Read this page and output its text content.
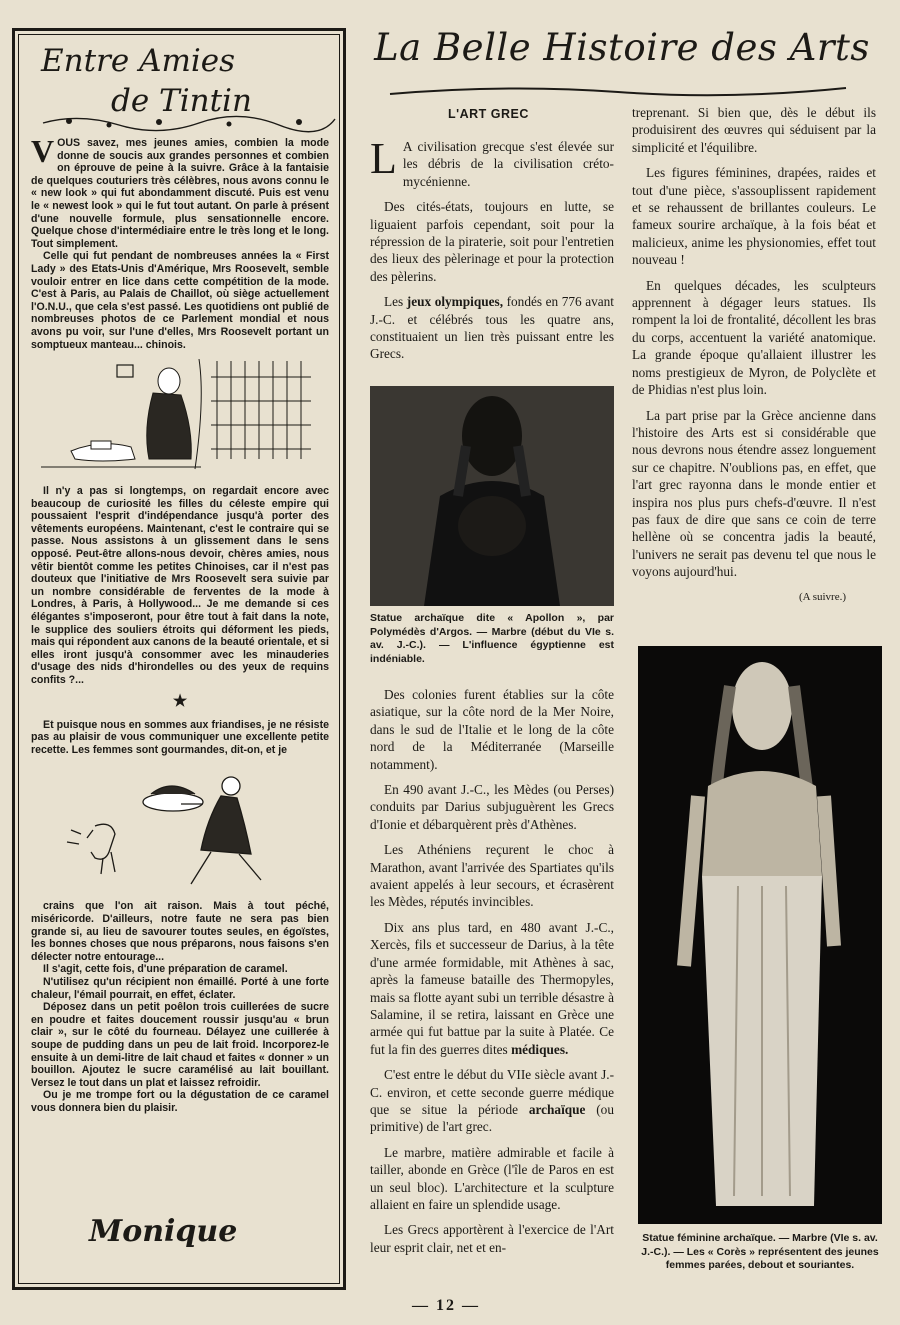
Entre Amies
de Tintin

VOUS savez, mes jeunes amies, combien la mode donne de soucis aux grandes personnes et combien on éprouve de peine à la suivre. Grâce à la fantaisie de quelques couturiers très célèbres, nous avons connu le « new look » qui fut abondamment discuté. Puis est venu le « newest look » qui le fut tout autant. On parle à présent d'une nouvelle formule, plus sensationnelle encore. Quelque chose d'intermédiaire entre le très long et le long. Tout simplement.

Celle qui fut pendant de nombreuses années la « First Lady » des Etats-Unis d'Amérique, Mrs Roosevelt, semble vouloir entrer en lice dans cette compétition de la mode. C'est à Paris, au Palais de Chaillot, où siège actuellement l'O.N.U., que cela s'est passé. Les quotidiens ont publié de nombreuses photos de ce Parlement mondial et nous avons pu voir, sur l'une d'elles, Mrs Roosevelt portant un somptueux manteau... chinois.

Il n'y a pas si longtemps, on regardait encore avec beaucoup de curiosité les filles du céleste empire qui poussaient l'esprit d'indépendance jusqu'à porter des vêtements européens. Maintenant, c'est le contraire qui se passe. Nous assistons à un glissement dans le sens opposé. Peut-être allons-nous devoir, chères amies, nous vêtir bientôt comme les petites Chinoises, car il n'est pas douteux que l'initiative de Mrs Roosevelt sera suivie par un nombre considérable de ferventes de la mode à Londres, à Paris, à Hollywood... Je me demande si ces élégantes s'imposeront, pour être tout à fait dans la note, le supplice des souliers étroits qui déforment les pieds, mais qui répondent aux canons de la beauté orientale, et si elles iront jusqu'à consommer avec les minauderies d'usage des nids d'hirondelles ou des yeux de requins confits ?...

★

Et puisque nous en sommes aux friandises, je ne résiste pas au plaisir de vous communiquer une excellente petite recette. Les femmes sont gourmandes, dit-on, et je

crains que l'on ait raison. Mais à tout péché, miséricorde. D'ailleurs, notre faute ne sera pas bien grande si, au lieu de savourer toutes seules, en égoïstes, les bonnes choses que nous préparons, nous faisons s'en délecter notre entourage...

Il s'agit, cette fois, d'une préparation de caramel.

N'utilisez qu'un récipient non émaillé. Porté à une forte chaleur, l'émail pourrait, en effet, éclater.

Déposez dans un petit poêlon trois cuillerées de sucre en poudre et faites doucement roussir jusqu'au « brun clair », sur le côté du fourneau. Délayez une cuillerée à soupe de pudding dans un peu de lait froid. Incorporez-le ensuite à un demi-litre de lait chaud et faites « donner » un bouillon. Ajoutez le sucre caramélisé au lait bouillant. Versez le tout dans un plat et laissez refroidir.

Ou je me trompe fort ou la dégustation de ce caramel vous donnera bien du plaisir.

Monique
La Belle Histoire des Arts
L'ART GREC

L A civilisation grecque s'est élevée sur les débris de la civilisation créto-mycénienne.

Des cités-états, toujours en lutte, se liguaient parfois cependant, soit pour la répression de la piraterie, soit pour l'entretien des lieux des pèlerinage et pour la protection des pèlerins.

Les jeux olympiques, fondés en 776 avant J.-C. et célébrés tous les quatre ans, constituaient un lien très puissant entre les Grecs.

Statue archaïque dite « Apollon », par Polymédès d'Argos. — Marbre (début du VIe s. av. J.-C.). — L'influence égyptienne est indéniable.

Des colonies furent établies sur la côte asiatique, sur la côte nord de la Mer Noire, dans le sud de l'Italie et le long de la côte nord de la Méditerranée (Marseille notamment).

En 490 avant J.-C., les Mèdes (ou Perses) conduits par Darius subjuguèrent les Grecs d'Ionie et débarquèrent près d'Athènes.

Les Athéniens reçurent le choc à Marathon, avant l'arrivée des Spartiates qu'ils avaient appelés à leur secours, et écrasèrent les Mèdes, réputés invincibles.

Dix ans plus tard, en 480 avant J.-C., Xercès, fils et successeur de Darius, à la tête d'une armée formidable, mit Athènes à sac, après la fameuse bataille des Thermopyles, mais sa flotte ayant subi un terrible désastre à Salamine, il se retira, laissant en Grèce une armée qui fut battue par la suite à Platée. Ce fut la fin des guerres dites médiques.

C'est entre le début du VIIe siècle avant J.-C. environ, et cette seconde guerre médique que se situe la période archaïque (ou primitive) de l'art grec.

Le marbre, matière admirable et facile à tailler, abonde en Grèce (l'île de Paros en est un seul bloc). L'architecture et la sculpture allaient en faire un splendide usage.

Les Grecs apportèrent à l'exercice de l'Art leur esprit clair, net et en-

treprenant. Si bien que, dès le début ils produisirent des œuvres qui séduisent par la simplicité et l'équilibre.

Les figures féminines, drapées, raides et tout d'une pièce, s'assouplissent rapidement et se rehaussent de brillantes couleurs. Le fameux sourire archaïque, à la fois béat et malicieux, anime les physionomies, effet tout nouveau !

En quelques décades, les sculpteurs apprennent à dégager leurs statues. Ils rompent la loi de frontalité, décollent les bras du corps, accentuent la variété anatomique. La grande époque qu'allaient illustrer les noms prestigieux de Myron, de Polyclète et de Phidias n'est plus loin.

La part prise par la Grèce ancienne dans l'histoire des Arts est si considérable que nous devrons nous étendre assez longuement sur ce chapitre. N'oublions pas, en effet, que l'art grec rayonna dans le monde entier et inspira nos plus purs chefs-d'œuvre. Il n'est pas faux de dire que sans ce coin de terre hellène où se concentra jadis la beauté, l'univers ne serait pas devenu tel que nous le voyons aujourd'hui.

(A suivre.)
Statue féminine archaïque. — Marbre (VIe s. av. J.-C.). — Les « Corès » représentent des jeunes femmes parées, debout et souriantes.
— 12 —
